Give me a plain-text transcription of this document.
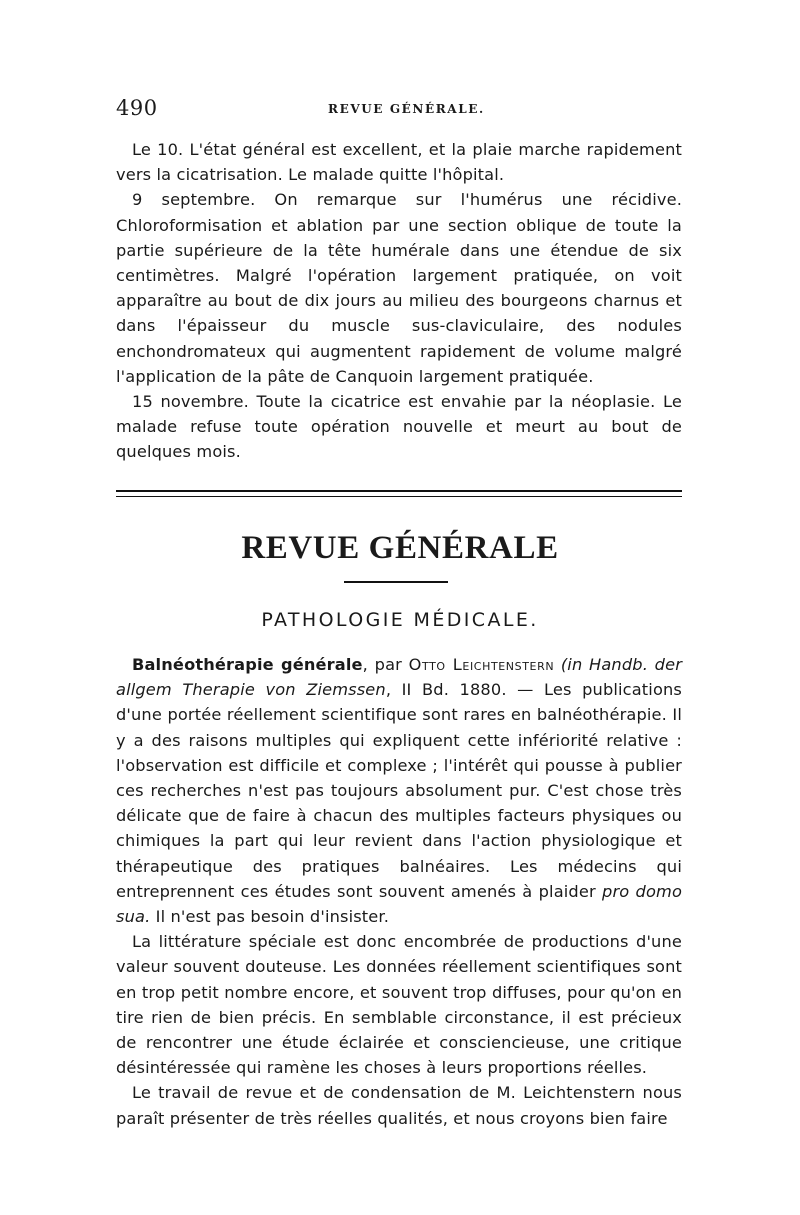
490	REVUE GÉNÉRALE.

Le 10. L'état général est excellent, et la plaie marche rapidement vers la cicatrisation. Le malade quitte l'hôpital.

9 septembre. On remarque sur l'humérus une récidive. Chloroformisation et ablation par une section oblique de toute la partie supérieure de la tête humérale dans une étendue de six centimètres. Malgré l'opération largement pratiquée, on voit apparaître au bout de dix jours au milieu des bourgeons charnus et dans l'épaisseur du muscle sus-claviculaire, des nodules enchondromateux qui augmentent rapidement de volume malgré l'application de la pâte de Canquoin largement pratiquée.

15 novembre. Toute la cicatrice est envahie par la néoplasie. Le malade refuse toute opération nouvelle et meurt au bout de quelques mois.

REVUE GÉNÉRALE
PATHOLOGIE MÉDICALE.

Balnéothérapie générale, par Otto Leichtenstern (in Handb. der allgem Therapie von Ziemssen, II Bd. 1880. — Les publications d'une portée réellement scientifique sont rares en balnéothérapie. Il y a des raisons multiples qui expliquent cette infériorité relative : l'observation est difficile et complexe ; l'intérêt qui pousse à publier ces recherches n'est pas toujours absolument pur. C'est chose très délicate que de faire à chacun des multiples facteurs physiques ou chimiques la part qui leur revient dans l'action physiologique et thérapeutique des pratiques balnéaires. Les médecins qui entreprennent ces études sont souvent amenés à plaider pro domo sua. Il n'est pas besoin d'insister.

La littérature spéciale est donc encombrée de productions d'une valeur souvent douteuse. Les données réellement scientifiques sont en trop petit nombre encore, et souvent trop diffuses, pour qu'on en tire rien de bien précis. En semblable circonstance, il est précieux de rencontrer une étude éclairée et consciencieuse, une critique désintéressée qui ramène les choses à leurs proportions réelles.

Le travail de revue et de condensation de M. Leichtenstern nous paraît présenter de très réelles qualités, et nous croyons bien faire
